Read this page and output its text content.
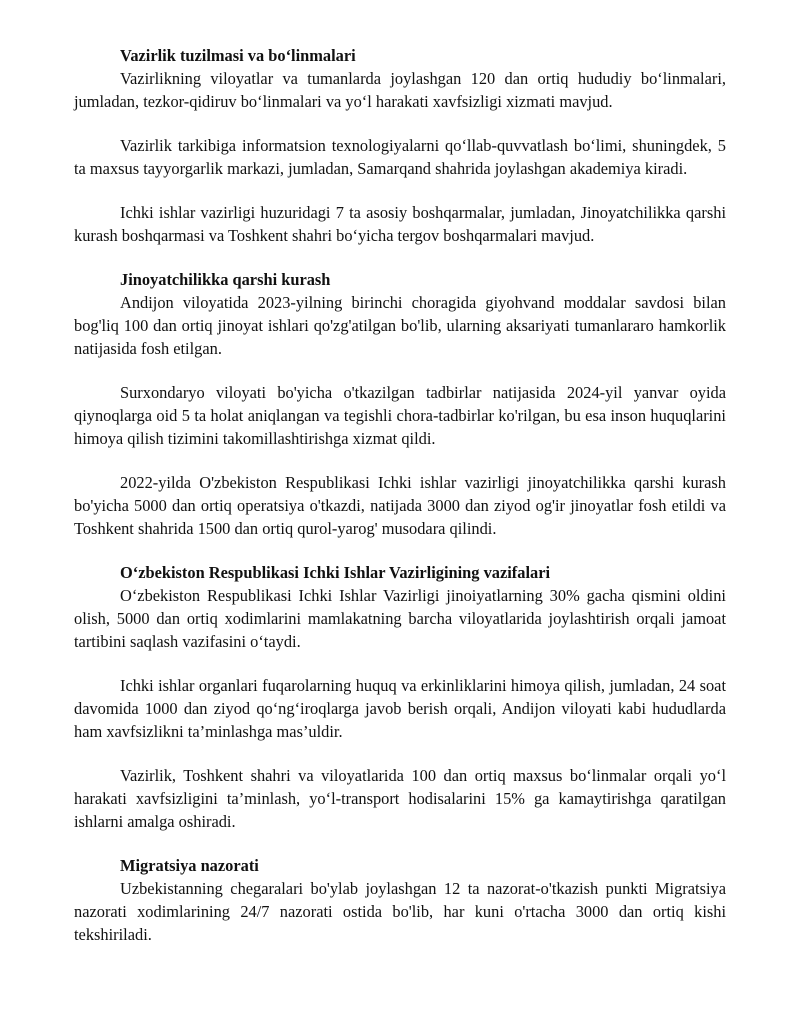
Vazirlik tuzilmasi va bo‘linmalari

Vazirlikning viloyatlar va tumanlarda joylashgan 120 dan ortiq hududiy bo‘linmalari, jumladan, tezkor-qidiruv bo‘linmalari va yo‘l harakati xavfsizligi xizmati mavjud.

Vazirlik tarkibiga informatsion texnologiyalarni qo‘llab-quvvatlash bo‘limi, shuningdek, 5 ta maxsus tayyorgarlik markazi, jumladan, Samarqand shahrida joylashgan akademiya kiradi.

Ichki ishlar vazirligi huzuridagi 7 ta asosiy boshqarmalar, jumladan, Jinoyatchilikka qarshi kurash boshqarmasi va Toshkent shahri bo‘yicha tergov boshqarmalari mavjud.

Jinoyatchilikka qarshi kurash

Andijon viloyatida 2023-yilning birinchi choragida giyohvand moddalar savdosi bilan bog'liq 100 dan ortiq jinoyat ishlari qo'zg'atilgan bo'lib, ularning aksariyati tumanlararo hamkorlik natijasida fosh etilgan.

Surxondaryo viloyati bo'yicha o'tkazilgan tadbirlar natijasida 2024-yil yanvar oyida qiynoqlarga oid 5 ta holat aniqlangan va tegishli chora-tadbirlar ko'rilgan, bu esa inson huquqlarini himoya qilish tizimini takomillashtirishga xizmat qildi.

2022-yilda O'zbekiston Respublikasi Ichki ishlar vazirligi jinoyatchilikka qarshi kurash bo'yicha 5000 dan ortiq operatsiya o'tkazdi, natijada 3000 dan ziyod og'ir jinoyatlar fosh etildi va Toshkent shahrida 1500 dan ortiq qurol-yarog' musodara qilindi.

O‘zbekiston Respublikasi Ichki Ishlar Vazirligining vazifalari

O‘zbekiston Respublikasi Ichki Ishlar Vazirligi jinoiyatlarning 30% gacha qismini oldini olish, 5000 dan ortiq xodimlarini mamlakatning barcha viloyatlarida joylashtirish orqali jamoat tartibini saqlash vazifasini o‘taydi.

Ichki ishlar organlari fuqarolarning huquq va erkinliklarini himoya qilish, jumladan, 24 soat davomida 1000 dan ziyod qo‘ng‘iroqlarga javob berish orqali, Andijon viloyati kabi hududlarda ham xavfsizlikni ta’minlashga mas’uldir.

Vazirlik, Toshkent shahri va viloyatlarida 100 dan ortiq maxsus bo‘linmalar orqali yo‘l harakati xavfsizligini ta’minlash, yo‘l-transport hodisalarini 15% ga kamaytirishga qaratilgan ishlarni amalga oshiradi.

Migratsiya nazorati

Uzbekistanning chegaralari bo'ylab joylashgan 12 ta nazorat-o'tkazish punkti Migratsiya nazorati xodimlarining 24/7 nazorati ostida bo'lib, har kuni o'rtacha 3000 dan ortiq kishi tekshiriladi.
